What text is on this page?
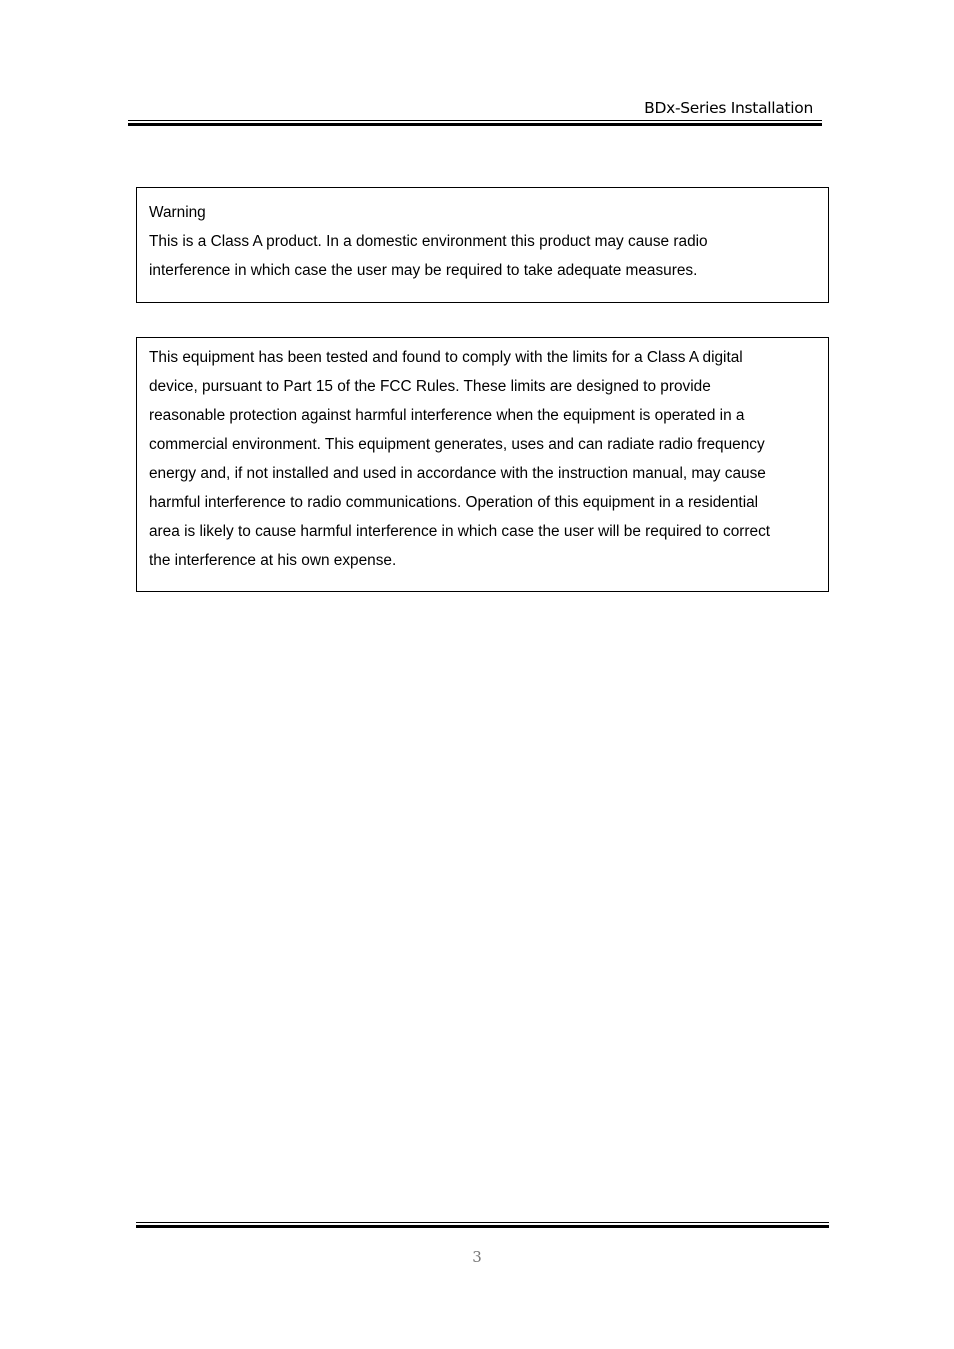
BDx-Series Installation

Warning
This is a Class A product. In a domestic environment this product may cause radio
interference in which case the user may be required to take adequate measures.

This equipment has been tested and found to comply with the limits for a Class A digital
device, pursuant to Part 15 of the FCC Rules. These limits are designed to provide
reasonable protection against harmful interference when the equipment is operated in a
commercial environment. This equipment generates, uses and can radiate radio frequency
energy and, if not installed and used in accordance with the instruction manual, may cause
harmful interference to radio communications. Operation of this equipment in a residential
area is likely to cause harmful interference in which case the user will be required to correct
the interference at his own expense.

3
